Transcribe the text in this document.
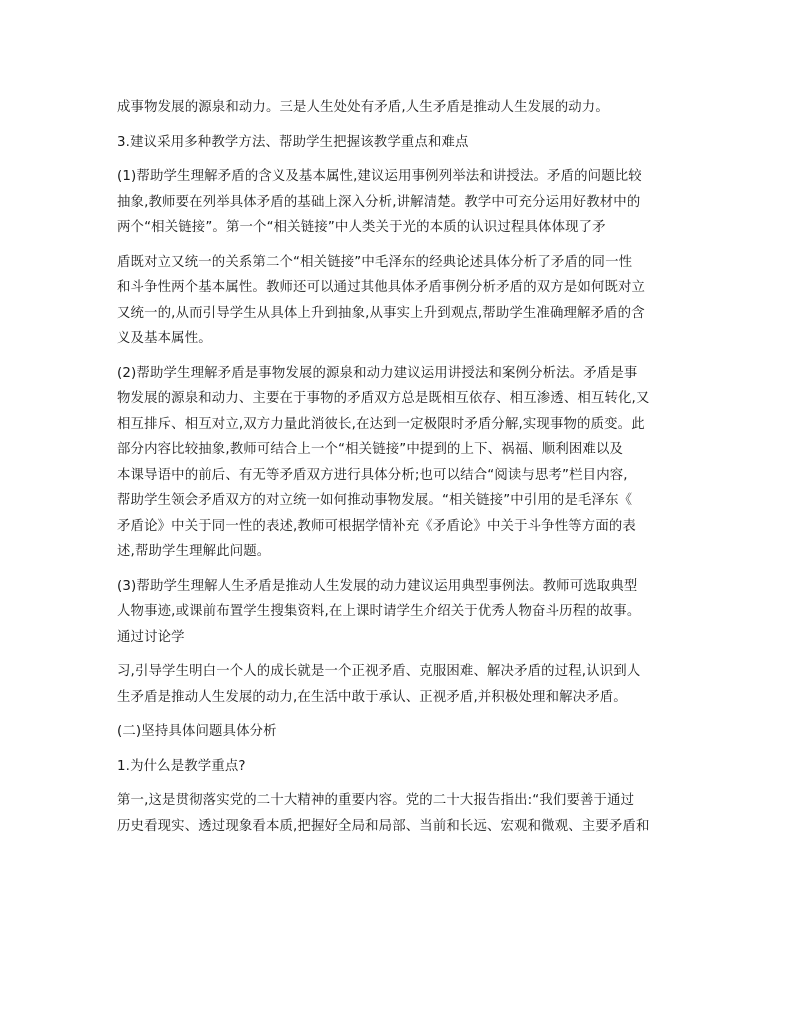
成事物发展的源泉和动力。三是人生处处有矛盾,人生矛盾是推动人生发展的动力。

3.建议采用多种教学方法、帮助学生把握该教学重点和难点

(1)帮助学生理解矛盾的含义及基本属性,建议运用事例列举法和讲授法。矛盾的问题比较
抽象,教师要在列举具体矛盾的基础上深入分析,讲解清楚。教学中可充分运用好教材中的
两个“相关链接”。第一个“相关链接”中人类关于光的本质的认识过程具体体现了矛

盾既对立又统一的关系第二个“相关链接”中毛泽东的经典论述具体分析了矛盾的同一性
和斗争性两个基本属性。教师还可以通过其他具体矛盾事例分析矛盾的双方是如何既对立
又统一的,从而引导学生从具体上升到抽象,从事实上升到观点,帮助学生准确理解矛盾的含
义及基本属性。

(2)帮助学生理解矛盾是事物发展的源泉和动力建议运用讲授法和案例分析法。矛盾是事
物发展的源泉和动力、主要在于事物的矛盾双方总是既相互依存、相互渗透、相互转化,又
相互排斥、相互对立,双方力量此消彼长,在达到一定极限时矛盾分解,实现事物的质变。此
部分内容比较抽象,教师可结合上一个“相关链接”中提到的上下、祸福、顺利困难以及
本课导语中的前后、有无等矛盾双方进行具体分析;也可以结合“阅读与思考”栏目内容,
帮助学生领会矛盾双方的对立统一如何推动事物发展。“相关链接”中引用的是毛泽东《
矛盾论》中关于同一性的表述,教师可根据学情补充《矛盾论》中关于斗争性等方面的表
述,帮助学生理解此问题。

(3)帮助学生理解人生矛盾是推动人生发展的动力建议运用典型事例法。教师可选取典型
人物事迹,或课前布置学生搜集资料,在上课时请学生介绍关于优秀人物奋斗历程的故事。
通过讨论学

习,引导学生明白一个人的成长就是一个正视矛盾、克服困难、解决矛盾的过程,认识到人
生矛盾是推动人生发展的动力,在生活中敢于承认、正视矛盾,并积极处理和解决矛盾。

(二)坚持具体问题具体分析

1.为什么是教学重点?

第一,这是贯彻落实党的二十大精神的重要内容。党的二十大报告指出:“我们要善于通过
历史看现实、透过现象看本质,把握好全局和局部、当前和长远、宏观和微观、主要矛盾和
